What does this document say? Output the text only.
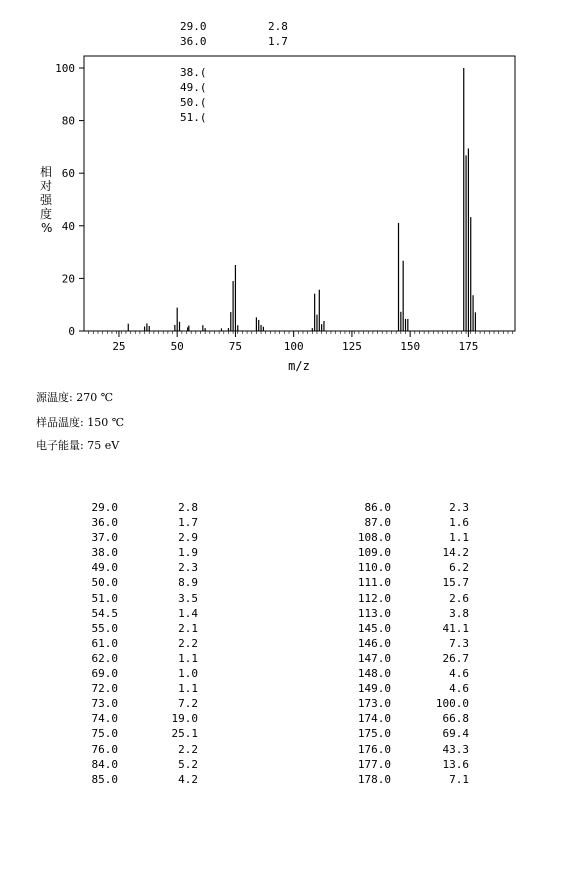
29.0	2.8
36.0	1.7
38.(
49.(
50.(
51.(
25	50	75	100	125	150	175
0
20
40
60
80
100
m/z
相 对 强 度 %
源温度: 270 ℃
样品温度: 150 ℃
电子能量: 75 eV
29.0	2.8
36.0	1.7
37.0	2.9
38.0	1.9
49.0	2.3
50.0	8.9
51.0	3.5
54.5	1.4
55.0	2.1
61.0	2.2
62.0	1.1
69.0	1.0
72.0	1.1
73.0	7.2
74.0	19.0
75.0	25.1
76.0	2.2
84.0	5.2
85.0	4.2
86.0	2.3
87.0	1.6
108.0	1.1
109.0	14.2
110.0	6.2
111.0	15.7
112.0	2.6
113.0	3.8
145.0	41.1
146.0	7.3
147.0	26.7
148.0	4.6
149.0	4.6
173.0	100.0
174.0	66.8
175.0	69.4
176.0	43.3
177.0	13.6
178.0	7.1
